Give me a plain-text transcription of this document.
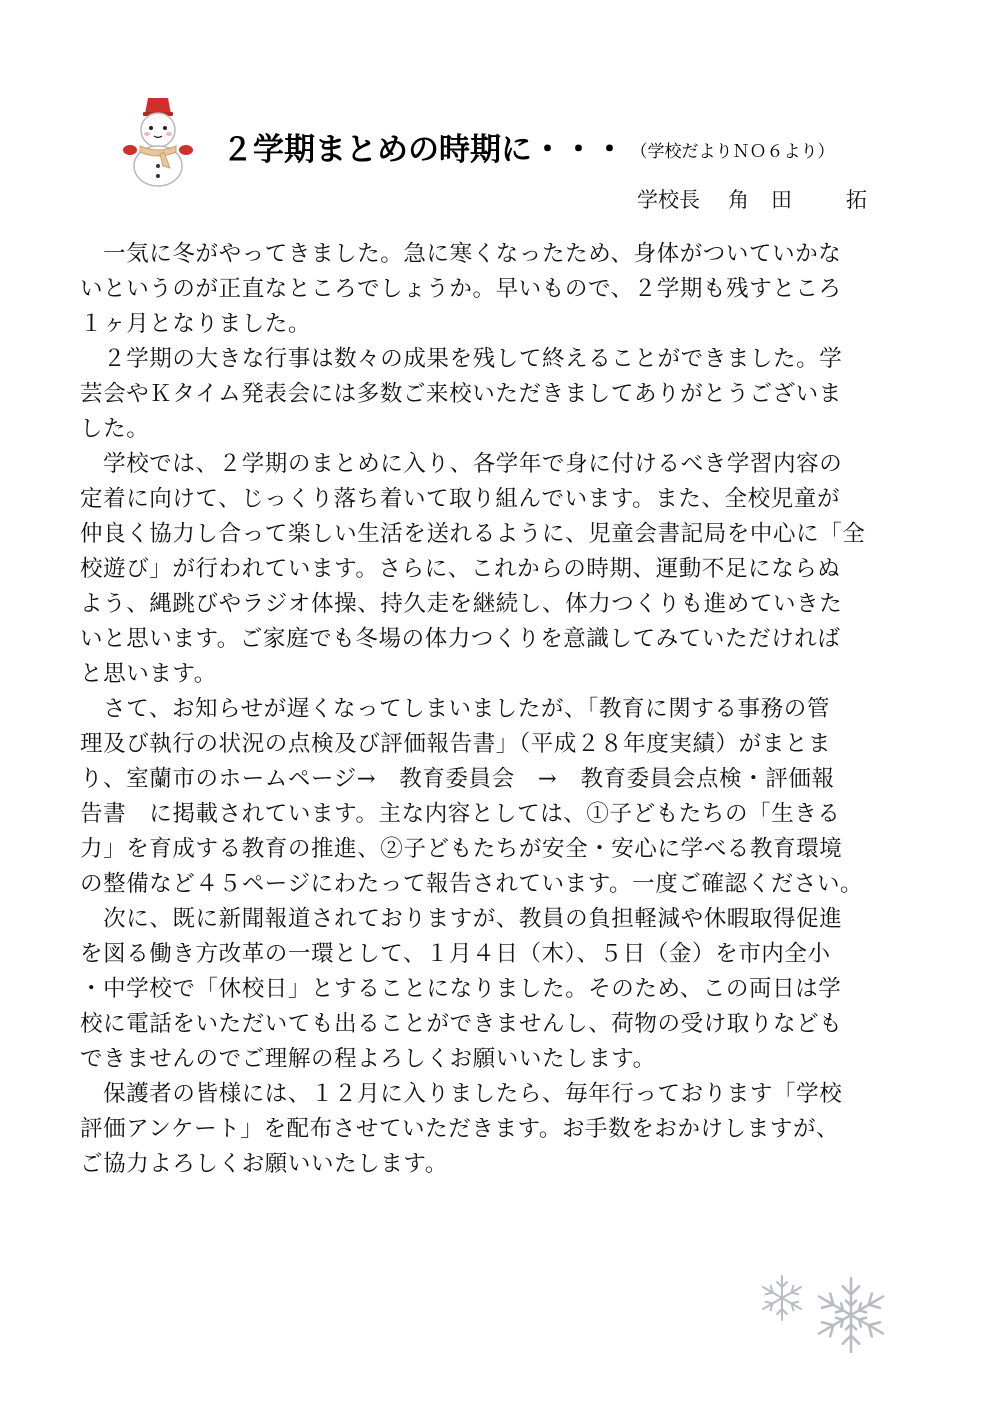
２学期まとめの時期に・・・ （学校だよりＮＯ６より）
学校長 角 田	拓
　一気に冬がやってきました。急に寒くなったため、身体がついていかな
いというのが正直なところでしょうか。早いもので、２学期も残すところ
１ヶ月となりました。
　２学期の大きな行事は数々の成果を残して終えることができました。学
芸会やＫタイム発表会には多数ご来校いただきましてありがとうございま
した。
　学校では、２学期のまとめに入り、各学年で身に付けるべき学習内容の
定着に向けて、じっくり落ち着いて取り組んでいます。また、全校児童が
仲良く協力し合って楽しい生活を送れるように、児童会書記局を中心に「全
校遊び」が行われています。さらに、これからの時期、運動不足にならぬ
よう、縄跳びやラジオ体操、持久走を継続し、体力つくりも進めていきた
いと思います。ご家庭でも冬場の体力つくりを意識してみていただければ
と思います。
　さて、お知らせが遅くなってしまいましたが、「教育に関する事務の管
理及び執行の状況の点検及び評価報告書」（平成２８年度実績）がまとま
り、室蘭市のホームページ→　教育委員会　→　教育委員会点検・評価報
告書　に掲載されています。主な内容としては、①子どもたちの「生きる
力」を育成する教育の推進、②子どもたちが安全・安心に学べる教育環境
の整備など４５ページにわたって報告されています。一度ご確認ください。
　次に、既に新聞報道されておりますが、教員の負担軽減や休暇取得促進
を図る働き方改革の一環として、１月４日（木）、５日（金）を市内全小
・中学校で「休校日」とすることになりました。そのため、この両日は学
校に電話をいただいても出ることができませんし、荷物の受け取りなども
できませんのでご理解の程よろしくお願いいたします。
　保護者の皆様には、１２月に入りましたら、毎年行っております「学校
評価アンケート」を配布させていただきます。お手数をおかけしますが、
ご協力よろしくお願いいたします。
